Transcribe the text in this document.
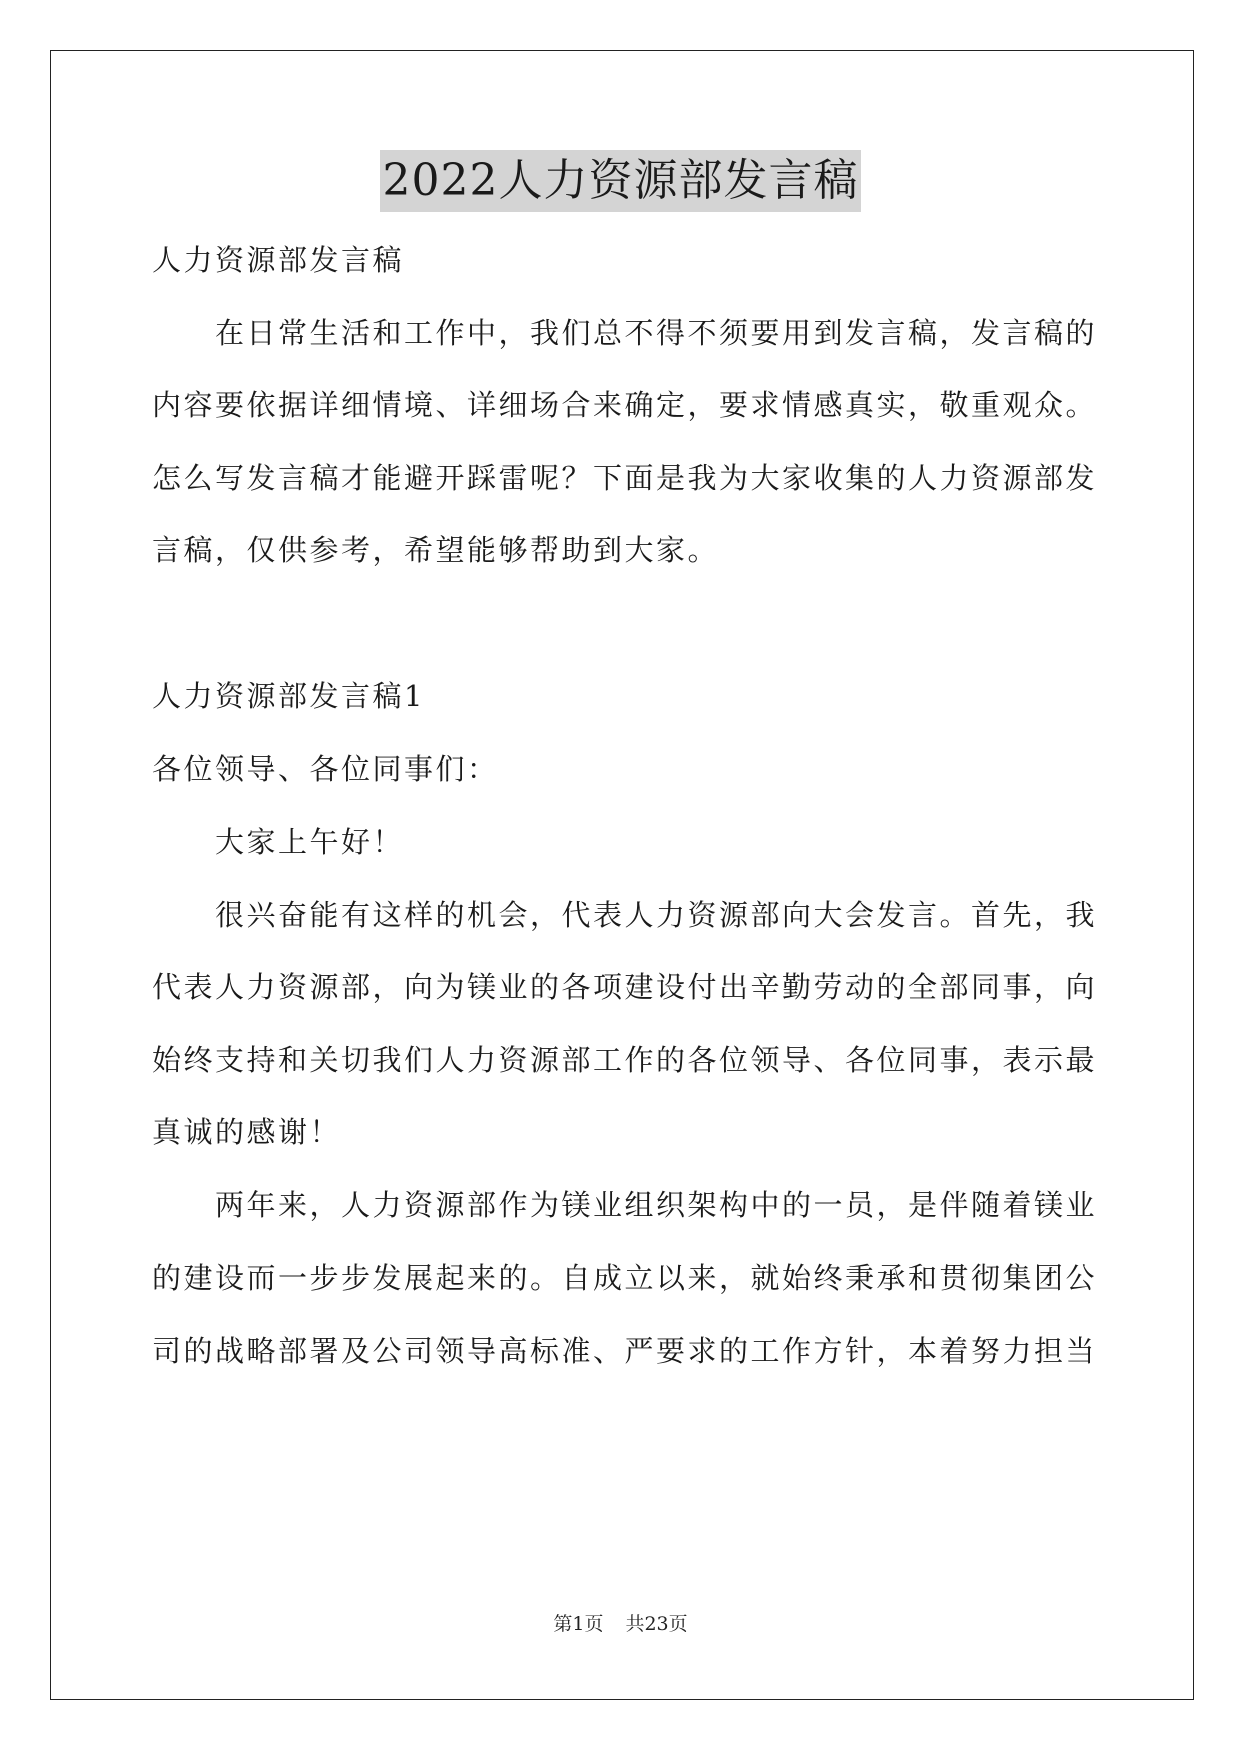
2022人力资源部发言稿
人力资源部发言稿
在日常生活和工作中，我们总不得不须要用到发言稿，发言稿的
内容要依据详细情境、详细场合来确定，要求情感真实，敬重观众。
怎么写发言稿才能避开踩雷呢？下面是我为大家收集的人力资源部发
言稿，仅供参考，希望能够帮助到大家。
人力资源部发言稿1
各位领导、各位同事们：
大家上午好！
很兴奋能有这样的机会，代表人力资源部向大会发言。首先，我
代表人力资源部，向为镁业的各项建设付出辛勤劳动的全部同事，向
始终支持和关切我们人力资源部工作的各位领导、各位同事，表示最
真诚的感谢！
两年来，人力资源部作为镁业组织架构中的一员，是伴随着镁业
的建设而一步步发展起来的。自成立以来，就始终秉承和贯彻集团公
司的战略部署及公司领导高标准、严要求的工作方针，本着努力担当
第1页 共23页
